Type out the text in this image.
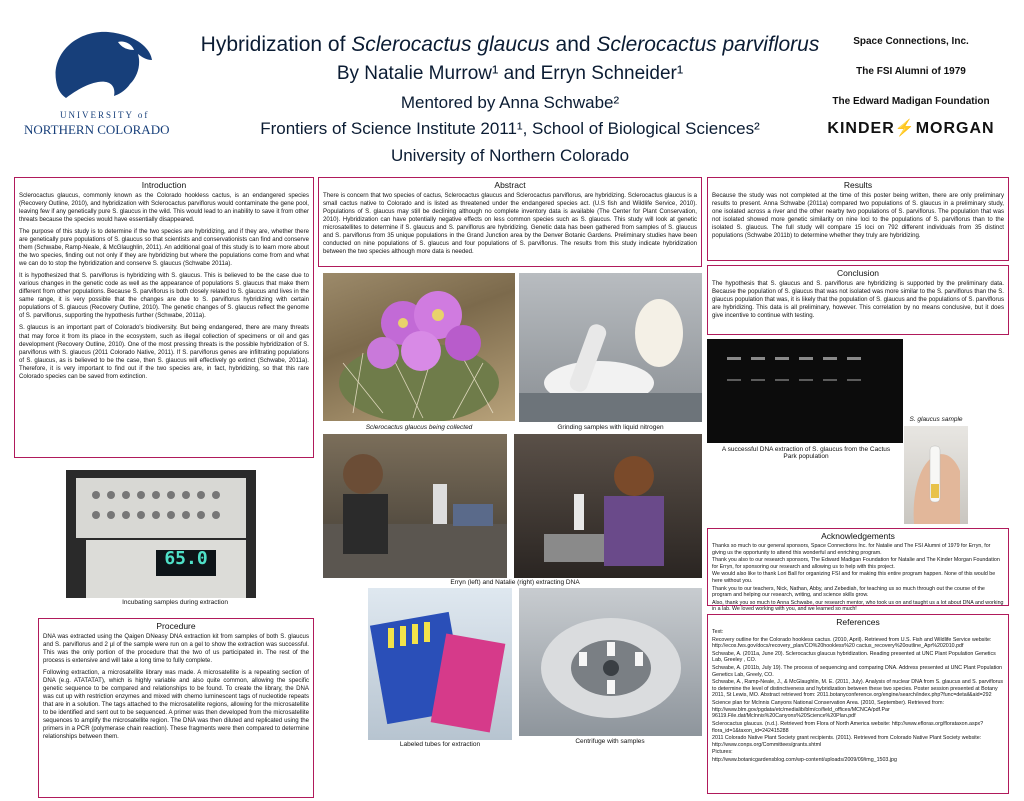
UNIVERSITY of
NORTHERN COLORADO
Hybridization of Sclerocactus glaucus and Sclerocactus parviflorus
By Natalie Murrow¹ and Erryn Schneider¹
Mentored by Anna Schwabe²
Frontiers of Science Institute 2011¹, School of Biological Sciences²
University of Northern Colorado
Space Connections, Inc.
The FSI Alumni of 1979
The Edward Madigan Foundation
KINDER⚡MORGAN
Introduction

Sclerocactus glaucus, commonly known as the Colorado hookless cactus, is an endangered species (Recovery Outline, 2010), and hybridization with Sclerocactus parviflorus would contaminate the gene pool, leaving few if any genetically pure S. glaucus in the wild. This would lead to an inability to save it from other threats because the species would have essentially disappeared.

The purpose of this study is to determine if the two species are hybridizing, and if they are, whether there are genetically pure populations of S. glaucus so that scientists and conservationists can find and conserve them (Schwabe, Ramp-Neale, & McGlaughlin, 2011). An additional goal of this study is to learn more about the two species, finding out not only if they are hybridizing but where the populations come from and what we can do to stop the hybridization and conserve S. glaucus (Schwabe 2011a).

It is hypothesized that S. parviflorus is hybridizing with S. glaucus. This is believed to be the case due to various changes in the genetic code as well as the appearance of populations S. glaucus that make them different from other populations. Because S. parviflorus is both closely related to S. glaucus and lives in the same range, it is very possible that the changes are due to S. parviflorus hybridizing with certain populations of S. glaucus (Recovery Outline, 2010). The genetic changes of S. glaucus reflect the genome of S. parviflorus, supporting the hypothesis further (Schwabe, 2011a).

S. glaucus is an important part of Colorado's biodiversity. But being endangered, there are many threats that may force it from its place in the ecosystem, such as illegal collection of specimens or oil and gas development (Recovery Outline, 2010). One of the most pressing threats is the possible hybridization of S. parviflorus with S. glaucus (2011 Colorado Native, 2011). If S. parviflorus genes are infiltrating populations of S. glaucus, as is believed to be the case, then S. glaucus will effectively go extinct (Schwabe, 2011a). Therefore, it is very important to find out if the two species are, in fact, hybridizing, so that this rare Colorado species can be saved from extinction.

Abstract

There is concern that two species of cactus, Sclerocactus glaucus and Sclerocactus parviflorus, are hybridizing. Sclerocactus glaucus is a small cactus native to Colorado and is listed as threatened under the endangered species act. (U.S fish and Wildlife Service, 2010). Populations of S. glaucus may still be declining although no complete inventory data is available (The Center for Plant Conservation, 2010). Hybridization can have potentially negative effects on less common species such as S. glaucus. This study will look at genetic microsatellites to determine if S. glaucus and S. parviflorus are hybridizing. Genetic data has been gathered from samples of S. glaucus and S. parviflorus from 35 unique populations in the Grand Junction area by the Denver Botanic Gardens. Preliminary studies have been conducted on nine populations of S. glaucus and four populations of S. parviflorus. The results from this study indicate hybridization between the two species although more data is needed.

Results

Because the study was not completed at the time of this poster being written, there are only preliminary results to present. Anna Schwabe (2011a) compared two populations of S. glaucus in a preliminary study, one isolated across a river and the other nearby two populations of S. parviflorus. The population that was not isolated showed more genetic similarity on nine loci to the populations of S. parviflorus than to the isolated S. glaucus. The full study will compare 15 loci on 792 different individuals from 35 distinct populations (Schwabe 2011b) to determine whether they truly are hybridizing.

Conclusion

The hypothesis that S. glaucus and S. parviflorus are hybridizing is supported by the preliminary data. Because the population of S. glaucus that was not isolated was more similar to the S. parviflorus than the S. glaucus population that was, it is likely that the population of S. glaucus and the populations of S. parviflorus are hybridizing. This data is all preliminary, however. This correlation by no means conclusive, but it does give incentive to continue with testing.

Sclerocactus glaucus being collected	Grinding samples with liquid nitrogen
A successful DNA extraction of S. glaucus from the Cactus Park population
S. glaucus sample
65.0
Incubating samples during extraction
Erryn (left) and Natalie (right) extracting DNA
Acknowledgements

Thanks so much to our general sponsors, Space Connections Inc. for Natalie and The FSI Alumni of 1979 for Erryn, for giving us the opportunity to attend this wonderful and enriching program.

Thank you also to our research sponsors, The Edward Madigan Foundation for Natalie and The Kinder Morgan Foundation for Erryn, for sponsoring our research and allowing us to help with this project.

We would also like to thank Lori Ball for organizing FSI and for making this entire program happen. None of this would be here without you.

Thank you to our teachers, Nick, Nathan, Abby, and Zebediah, for teaching us so much through out the course of the program and helping our research, writing, and science skills grow.

Also, thank you so much to Anna Schwabe, our research mentor, who took us on and taught us a lot about DNA and working in a lab. We loved working with you, and we learned so much!

Procedure

DNA was extracted using the Qaigen DNeasy DNA extraction kit from samples of both S. glaucus and S. parviflorus and 2 µl of the sample were run on a gel to show the extraction was successful. This was the only portion of the procedure that the two of us participated in. The rest of the process is extensive and will take a long time to fully complete.

Following extraction, a microsatellite library was made. A microsatellite is a repeating section of DNA (e.g. ATATATAT), which is highly variable and also quite common, allowing the specific genetic sequence to be compared and relationships to be found. To create the library, the DNA was cut up with restriction enzymes and mixed with chemo luminescent tags of nucleotide repeats that are in a solution. The tags attached to the microsatellite regions, allowing for the microsatellite to be identified and sent out to be sequenced. A primer was then developed from the microsatellite sequences to amplify the microsatellite region. The DNA was then diluted and replicated using the primers in a PCR (polymerase chain reaction). These fragments were then compared to determine relationships between them.

Labeled tubes for extraction	Centrifuge with samples
References

Text:

Recovery outline for the Colorado hookless cactus. (2010, April). Retrieved from U.S. Fish and Wildlife Service website: http://ecos.fws.gov/docs/recovery_plan/CO%20hookless%20 cactus_recovery%20outline_Apr%202010.pdf

Schwabe, A. (2011a, June 20). Sclerocactus glaucus hybridization. Reading presented at UNC Plant Population Genetics Lab, Greeley , CO.

Schwabe, A. (2011b, July 19). The process of sequencing and comparing DNA. Address presented at UNC Plant Population Genetics Lab, Greely, CO.

Schwabe, A., Ramp-Neale, J., & McGlaughlin, M. E. (2011, July). Analysis of nuclear DNA from S. glaucus and S. parviflorus to determine the level of distinctiveness and hybridization between these two species. Poster session presented at Botany 2011, St Lewis, MO. Abstract retrieved from: 2011.botanyconference.org/engine/search/index.php?func=detail&aid=292

Science plan for Mclnnis Canyons National Conservation Area. (2010, September). Retrieved from: http://www.blm.gov/pgdata/etc/medialib/blm/co/field_offices/MCNCA/pdf.Par 96119.File.dat/Mclnnis%20Canyons%20Science%20Plan.pdf

Sclerocactus glaucus. (n.d.). Retrieved from Flora of North America website: http://www.efloras.org/florataxon.aspx?flora_id=1&taxon_id=242415288

2011 Colorado Native Plant Society grant recipients. (2011). Retrieved from Colorado Native Plant Society website: http://www.conps.org/Committees/grants.shtml

Pictures:

http://www.botanicgardensblog.com/wp-content/uploads/2009/09/img_1503.jpg
